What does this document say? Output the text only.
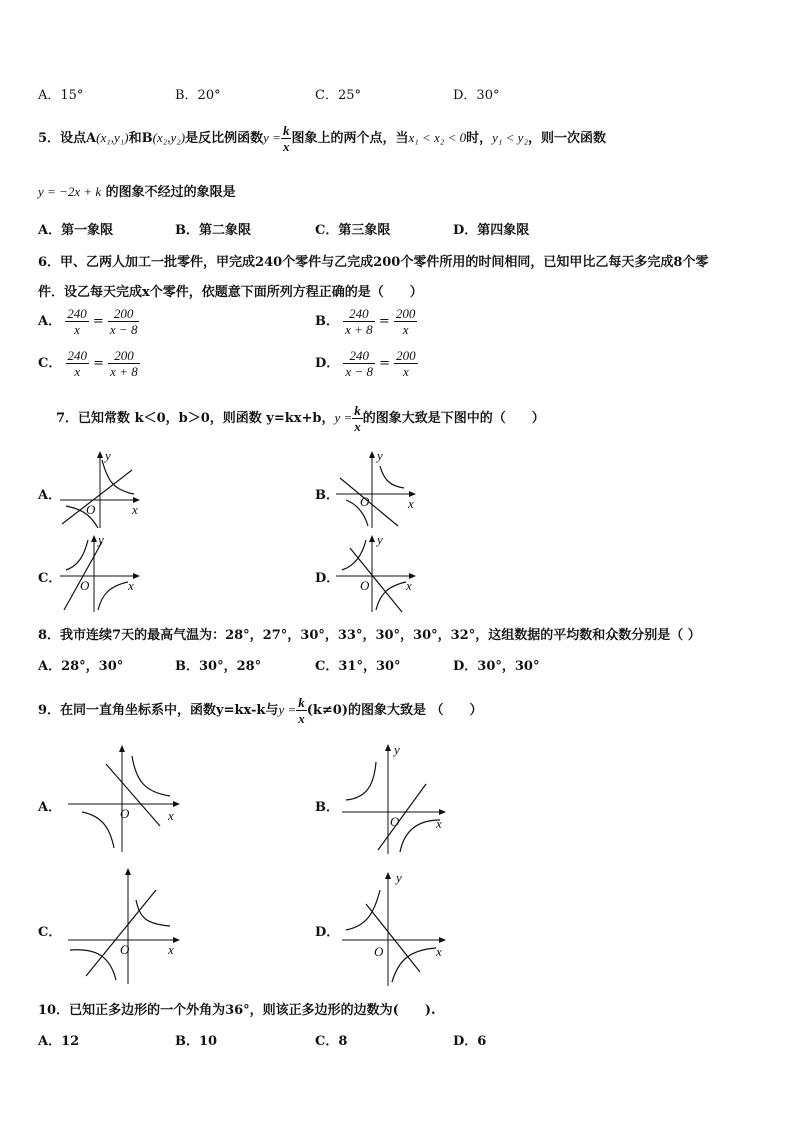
A．15°	B．20°	C．25°	D．30°
5．设点A(x₁,y₁)和B(x₂,y₂)是反比例函数$y = \frac{k}{x}$ 图象上的两个点，当x₁ < x₂ < 0时，y₁ < y₂，则一次函数
y = −2x + k 的图象不经过的象限是
A．第一象限	B．第二象限	C．第三象限	D．第四象限
6．甲、乙两人加工一批零件，甲完成240个零件与乙完成200个零件所用的时间相同，已知甲比乙每天多完成8个零
件．设乙每天完成x个零件，依题意下面所列方程正确的是（　　）
A． $\frac{240}{x} = \frac{200}{x - 8}$	B． $\frac{240}{x + 8} = \frac{200}{x}$
C． $\frac{240}{x} = \frac{200}{x + 8}$	D． $\frac{240}{x - 8} = \frac{200}{x}$
7．已知常数 k＜0，b＞0，则函数 y=kx+b，$y = \frac{k}{x}$ 的图象大致是下图中的（　　）
A．	B．
C．	D．
y
x
O
y
x
O
y
x
O
y
x
O
8．我市连续7天的最高气温为：28°，27°，30°，33°，30°，30°，32°，这组数据的平均数和众数分别是（ ）
A．28°，30°	B．30°，28°	C．31°，30°	D．30°，30°
9．在同一直角坐标系中，函数y=kx-k与$y = \frac{k}{x} (k\ne 0)$的图象大致是 （　　）
A．	B．
C．	D．
x
O
y
x
O
x
O
y
x
O
10．已知正多边形的一个外角为36°，则该正多边形的边数为(　　).
A．12	B．10	C．8	D．6
